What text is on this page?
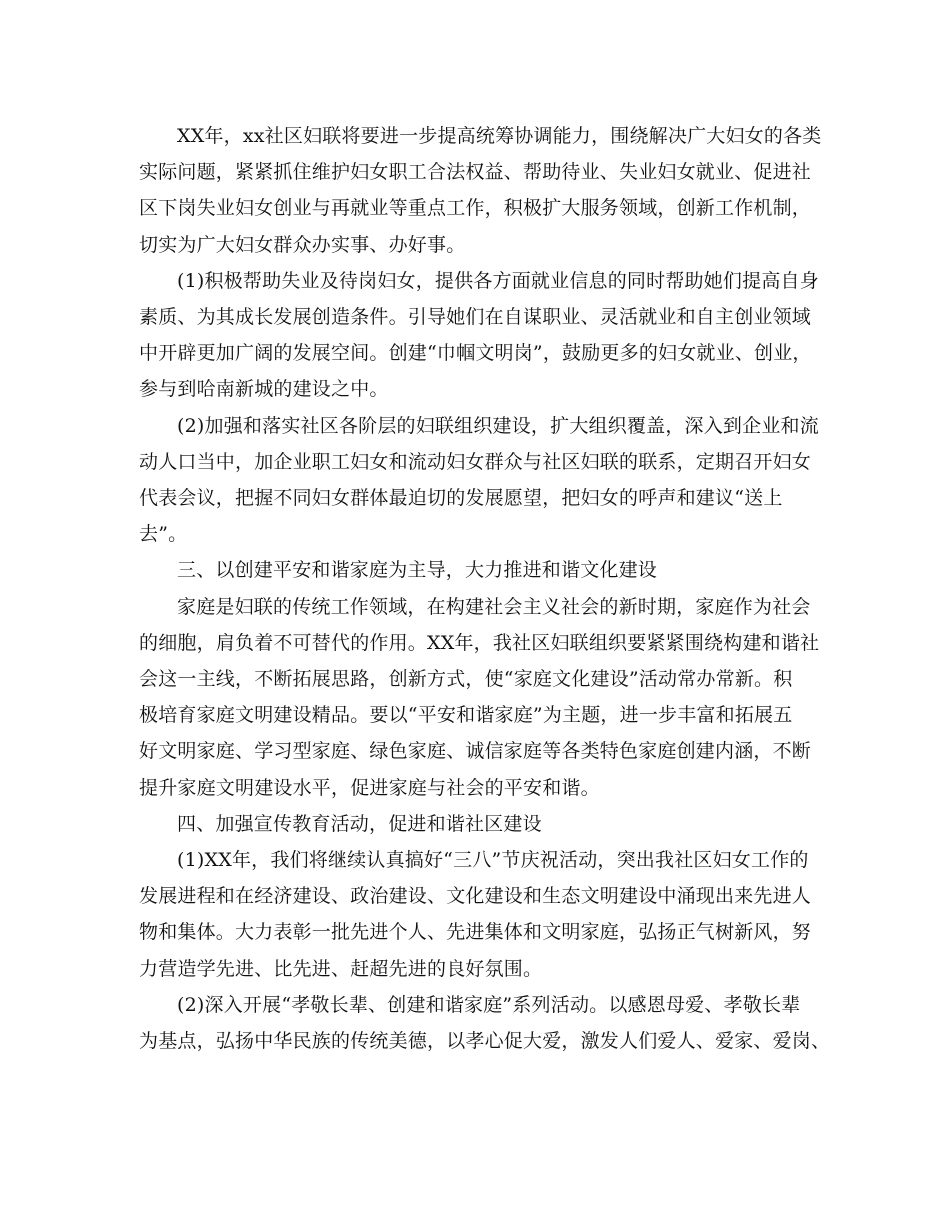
XX年，xx社区妇联将要进一步提高统筹协调能力，围绕解决广大妇女的各类
实际问题，紧紧抓住维护妇女职工合法权益、帮助待业、失业妇女就业、促进社
区下岗失业妇女创业与再就业等重点工作，积极扩大服务领域，创新工作机制，
切实为广大妇女群众办实事、办好事。
(1)积极帮助失业及待岗妇女，提供各方面就业信息的同时帮助她们提高自身
素质、为其成长发展创造条件。引导她们在自谋职业、灵活就业和自主创业领域
中开辟更加广阔的发展空间。创建“巾帼文明岗”，鼓励更多的妇女就业、创业，
参与到哈南新城的建设之中。
(2)加强和落实社区各阶层的妇联组织建设，扩大组织覆盖，深入到企业和流
动人口当中，加企业职工妇女和流动妇女群众与社区妇联的联系，定期召开妇女
代表会议，把握不同妇女群体最迫切的发展愿望，把妇女的呼声和建议“送上
去”。
三、以创建平安和谐家庭为主导，大力推进和谐文化建设
家庭是妇联的传统工作领域，在构建社会主义社会的新时期，家庭作为社会
的细胞，肩负着不可替代的作用。XX年，我社区妇联组织要紧紧围绕构建和谐社
会这一主线，不断拓展思路，创新方式，使“家庭文化建设”活动常办常新。积
极培育家庭文明建设精品。要以“平安和谐家庭”为主题，进一步丰富和拓展五
好文明家庭、学习型家庭、绿色家庭、诚信家庭等各类特色家庭创建内涵，不断
提升家庭文明建设水平，促进家庭与社会的平安和谐。
四、加强宣传教育活动，促进和谐社区建设
(1)XX年，我们将继续认真搞好“三八”节庆祝活动，突出我社区妇女工作的
发展进程和在经济建设、政治建设、文化建设和生态文明建设中涌现出来先进人
物和集体。大力表彰一批先进个人、先进集体和文明家庭，弘扬正气树新风，努
力营造学先进、比先进、赶超先进的良好氛围。
(2)深入开展“孝敬长辈、创建和谐家庭”系列活动。以感恩母爱、孝敬长辈
为基点，弘扬中华民族的传统美德，以孝心促大爱，激发人们爱人、爱家、爱岗、
